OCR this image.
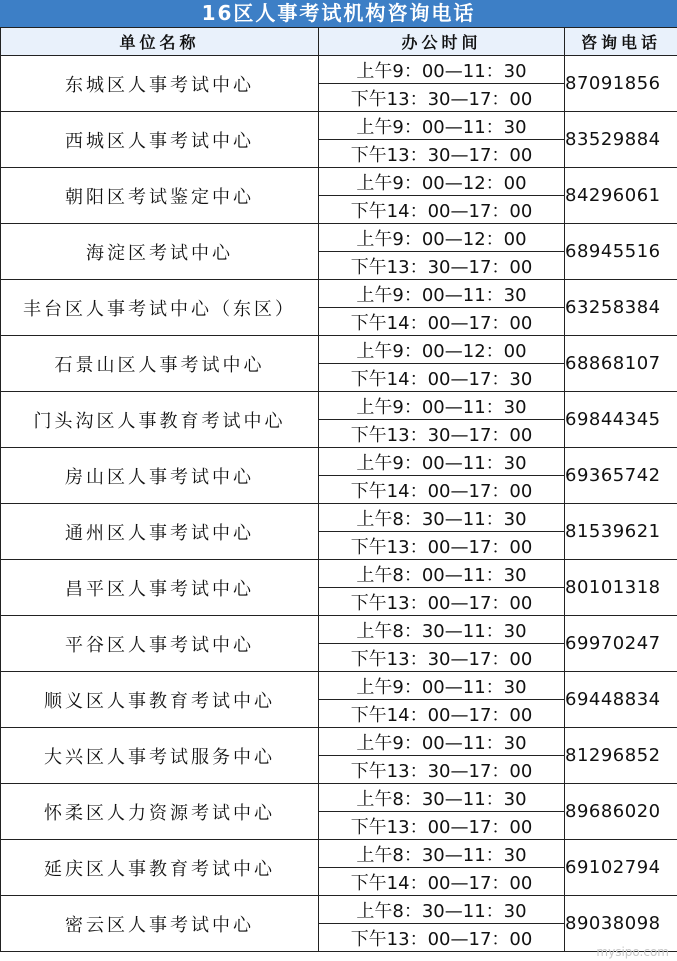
16区人事考试机构咨询电话
单位名称	办公时间	咨询电话
东城区人事考试中心	上午9：00—11：30	87091856
	下午13：30—17：00	
西城区人事考试中心	上午9：00—11：30	83529884
	下午13：30—17：00	
朝阳区考试鉴定中心	上午9：00—12：00	84296061
	下午14：00—17：00	
海淀区考试中心	上午9：00—12：00	68945516
	下午13：30—17：00	
丰台区人事考试中心（东区）	上午9：00—11：30	63258384
	下午14：00—17：00	
石景山区人事考试中心	上午9：00—12：00	68868107
	下午14：00—17：30	
门头沟区人事教育考试中心	上午9：00—11：30	69844345
	下午13：30—17：00	
房山区人事考试中心	上午9：00—11：30	69365742
	下午14：00—17：00	
通州区人事考试中心	上午8：30—11：30	81539621
	下午13：00—17：00	
昌平区人事考试中心	上午8：00—11：30	80101318
	下午13：00—17：00	
平谷区人事考试中心	上午8：30—11：30	69970247
	下午13：30—17：00	
顺义区人事教育考试中心	上午9：00—11：30	69448834
	下午14：00—17：00	
大兴区人事考试服务中心	上午9：00—11：30	81296852
	下午13：30—17：00	
怀柔区人力资源考试中心	上午8：30—11：30	89686020
	下午13：00—17：00	
延庆区人事教育考试中心	上午8：30—11：30	69102794
	下午14：00—17：00	
密云区人事考试中心	上午8：30—11：30	89038098
	下午13：00—17：00	
mysipo.com
